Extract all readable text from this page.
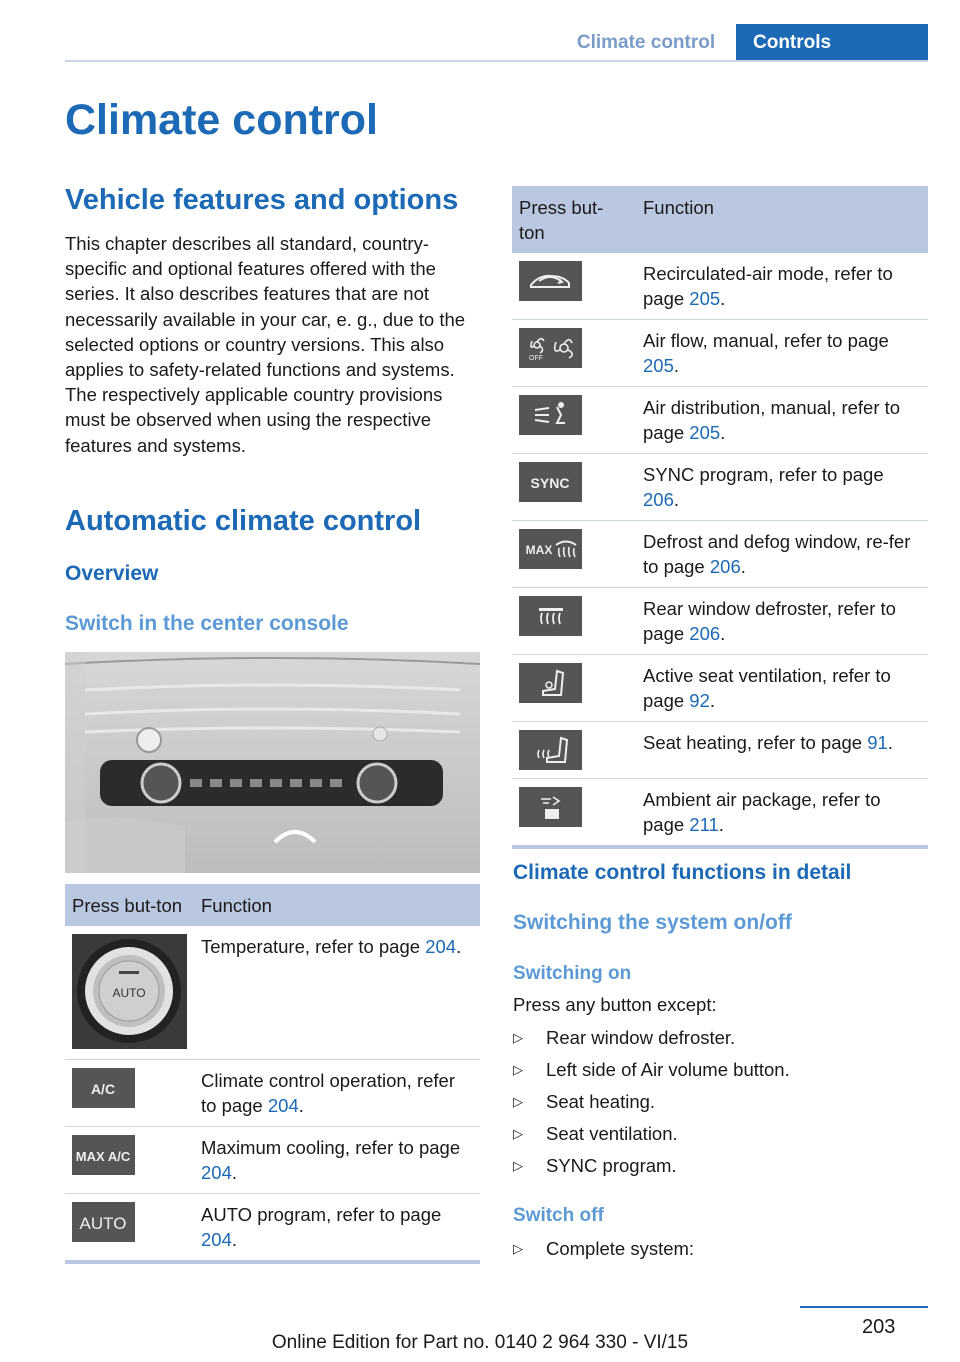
Climate control	Controls
Climate control
Vehicle features and options

This chapter describes all standard, country-specific and optional features offered with the series. It also describes features that are not necessarily available in your car, e. g., due to the selected options or country versions. This also applies to safety-related functions and systems. The respectively applicable country provisions must be observed when using the respective features and systems.

Automatic climate control
Overview
Switch in the center console
Press but-ton	Function

AUTO	Temperature, refer to page 204.

A/C	Climate control operation, refer to page 204.

MAX A/C	Maximum cooling, refer to page 204.

AUTO	AUTO program, refer to page 204.
Press but-ton	Function

	Recirculated-air mode, refer to page 205.

OFF	Air flow, manual, refer to page 205.

	Air distribution, manual, refer to page 205.

SYNC	SYNC program, refer to page 206.

MAX	Defrost and defog window, re-fer to page 206.

	Rear window defroster, refer to page 206.

	Active seat ventilation, refer to page 92.

	Seat heating, refer to page 91.

	Ambient air package, refer to page 211.
Climate control functions in detail
Switching the system on/off
Switching on
Press any button except:
▷ Rear window defroster.
▷ Left side of Air volume button.
▷ Seat heating.
▷ Seat ventilation.
▷ SYNC program.
Switch off
▷ Complete system:
203
Online Edition for Part no. 0140 2 964 330 - VI/15
